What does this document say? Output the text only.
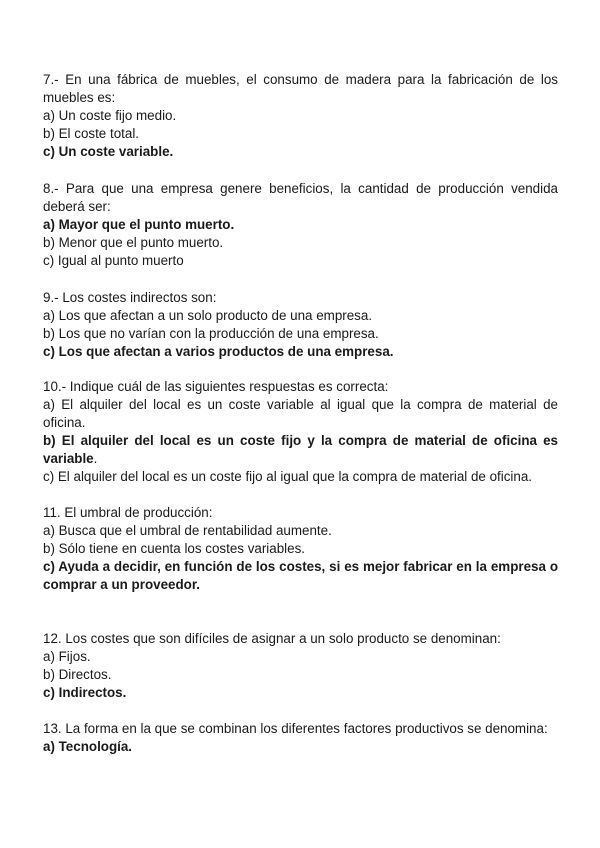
7.- En una fábrica de muebles, el consumo de madera para la fabricación de los muebles es:
a) Un coste fijo medio.
b) El coste total.
c) Un coste variable.
8.- Para que una empresa genere beneficios, la cantidad de producción vendida deberá ser:
a) Mayor que el punto muerto.
b) Menor que el punto muerto.
c) Igual al punto muerto
9.- Los costes indirectos son:
a) Los que afectan a un solo producto de una empresa.
b) Los que no varían con la producción de una empresa.
c) Los que afectan a varios productos de una empresa.
10.- Indique cuál de las siguientes respuestas es correcta:
a) El alquiler del local es un coste variable al igual que la compra de material de oficina.
b) El alquiler del local es un coste fijo y la compra de material de oficina es variable.
c) El alquiler del local es un coste fijo al igual que la compra de material de oficina.
11. El umbral de producción:
a) Busca que el umbral de rentabilidad aumente.
b) Sólo tiene en cuenta los costes variables.
c) Ayuda a decidir, en función de los costes, si es mejor fabricar en la empresa o comprar a un proveedor.
12. Los costes que son difíciles de asignar a un solo producto se denominan:
a) Fijos.
b) Directos.
c) Indirectos.
13. La forma en la que se combinan los diferentes factores productivos se denomina:
a) Tecnología.
